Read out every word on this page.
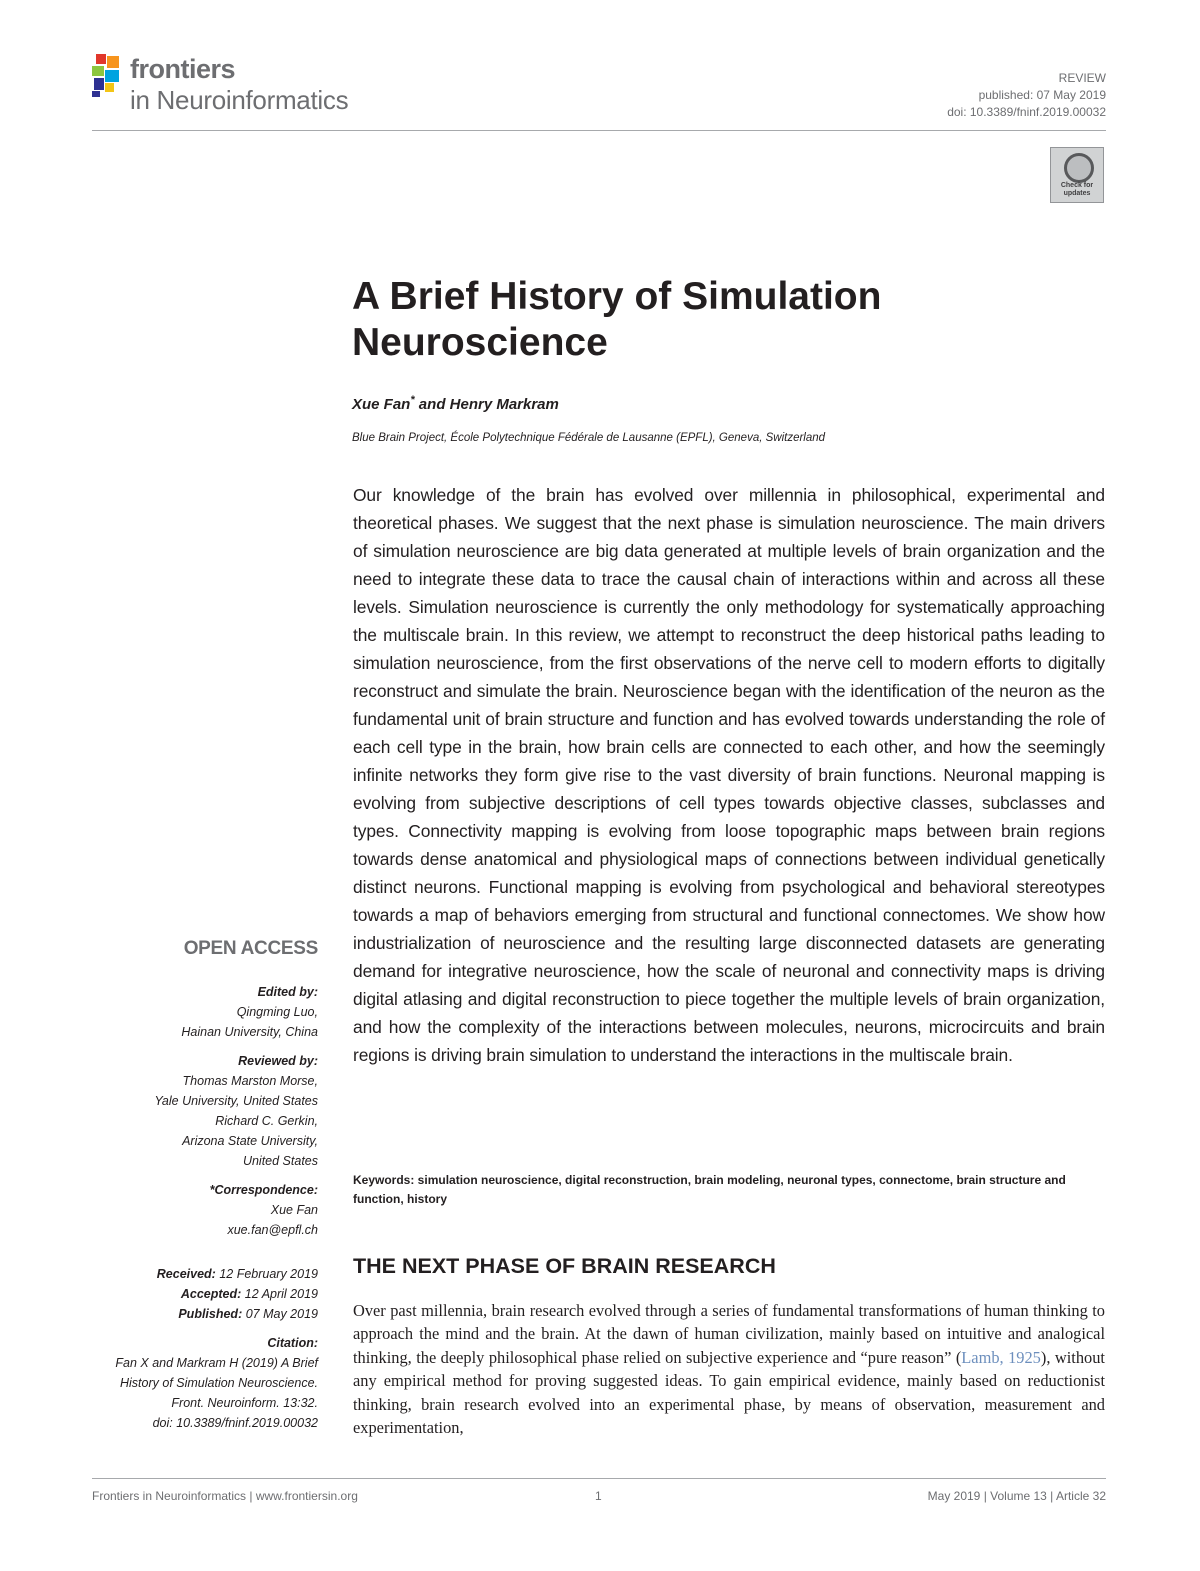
frontiers
in Neuroinformatics
REVIEW
published: 07 May 2019
doi: 10.3389/fninf.2019.00032
Check for updates
A Brief History of Simulation
Neuroscience
Xue Fan* and Henry Markram
Blue Brain Project, École Polytechnique Fédérale de Lausanne (EPFL), Geneva, Switzerland
Our knowledge of the brain has evolved over millennia in philosophical, experimental and theoretical phases. We suggest that the next phase is simulation neuroscience. The main drivers of simulation neuroscience are big data generated at multiple levels of brain organization and the need to integrate these data to trace the causal chain of interactions within and across all these levels. Simulation neuroscience is currently the only methodology for systematically approaching the multiscale brain. In this review, we attempt to reconstruct the deep historical paths leading to simulation neuroscience, from the first observations of the nerve cell to modern efforts to digitally reconstruct and simulate the brain. Neuroscience began with the identification of the neuron as the fundamental unit of brain structure and function and has evolved towards understanding the role of each cell type in the brain, how brain cells are connected to each other, and how the seemingly infinite networks they form give rise to the vast diversity of brain functions. Neuronal mapping is evolving from subjective descriptions of cell types towards objective classes, subclasses and types. Connectivity mapping is evolving from loose topographic maps between brain regions towards dense anatomical and physiological maps of connections between individual genetically distinct neurons. Functional mapping is evolving from psychological and behavioral stereotypes towards a map of behaviors emerging from structural and functional connectomes. We show how industrialization of neuroscience and the resulting large disconnected datasets are generating demand for integrative neuroscience, how the scale of neuronal and connectivity maps is driving digital atlasing and digital reconstruction to piece together the multiple levels of brain organization, and how the complexity of the interactions between molecules, neurons, microcircuits and brain regions is driving brain simulation to understand the interactions in the multiscale brain.
Keywords: simulation neuroscience, digital reconstruction, brain modeling, neuronal types, connectome, brain structure and function, history
THE NEXT PHASE OF BRAIN RESEARCH
Over past millennia, brain research evolved through a series of fundamental transformations of human thinking to approach the mind and the brain. At the dawn of human civilization, mainly based on intuitive and analogical thinking, the deeply philosophical phase relied on subjective experience and “pure reason” (Lamb, 1925), without any empirical method for proving suggested ideas. To gain empirical evidence, mainly based on reductionist thinking, brain research evolved into an experimental phase, by means of observation, measurement and experimentation,
OPEN ACCESS
Edited by:
Qingming Luo,
Hainan University, China
Reviewed by:
Thomas Marston Morse,
Yale University, United States
Richard C. Gerkin,
Arizona State University,
United States
*Correspondence:
Xue Fan
xue.fan@epfl.ch
Received: 12 February 2019
Accepted: 12 April 2019
Published: 07 May 2019
Citation:
Fan X and Markram H (2019) A Brief
History of Simulation Neuroscience.
Front. Neuroinform. 13:32.
doi: 10.3389/fninf.2019.00032
Frontiers in Neuroinformatics | www.frontiersin.org	1	May 2019 | Volume 13 | Article 32
